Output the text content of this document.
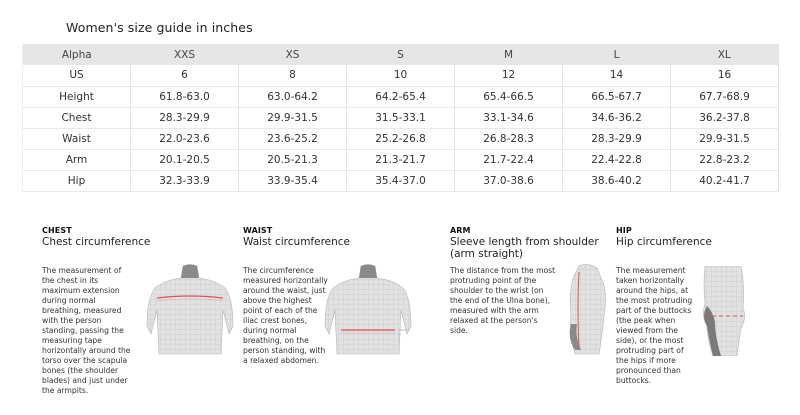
Women's size guide in inches
Alpha	XXS	XS	S	M	L	XL
US	6	8	10	12	14	16
Height	61.8-63.0	63.0-64.2	64.2-65.4	65.4-66.5	66.5-67.7	67.7-68.9
Chest	28.3-29.9	29.9-31.5	31.5-33.1	33.1-34.6	34.6-36.2	36.2-37.8
Waist	22.0-23.6	23.6-25.2	25.2-26.8	26.8-28.3	28.3-29.9	29.9-31.5
Arm	20.1-20.5	20.5-21.3	21.3-21.7	21.7-22.4	22.4-22.8	22.8-23.2
Hip	32.3-33.9	33.9-35.4	35.4-37.0	37.0-38.6	38.6-40.2	40.2-41.7
CHEST
Chest circumference
The measurement of the chest in its maximum extension during normal breathing, measured with the person standing, passing the measuring tape horizontally around the torso over the scapula bones (the shoulder blades) and just under the armpits.
WAIST
Waist circumference
The circumference measured horizontally around the waist, just above the highest point of each of the iliac crest bones, during normal breathing, on the person standing, with a relaxed abdomen.
ARM
Sleeve length from shoulder (arm straight)
The distance from the most protruding point of the shoulder to the wrist (on the end of the Ulna bone), measured with the arm relaxed at the person's side.
HIP
Hip circumference
The measurement taken horizontally around the hips, at the most protruding part of the buttocks (the peak when viewed from the side), or the most protruding part of the hips if more pronounced than buttocks.
